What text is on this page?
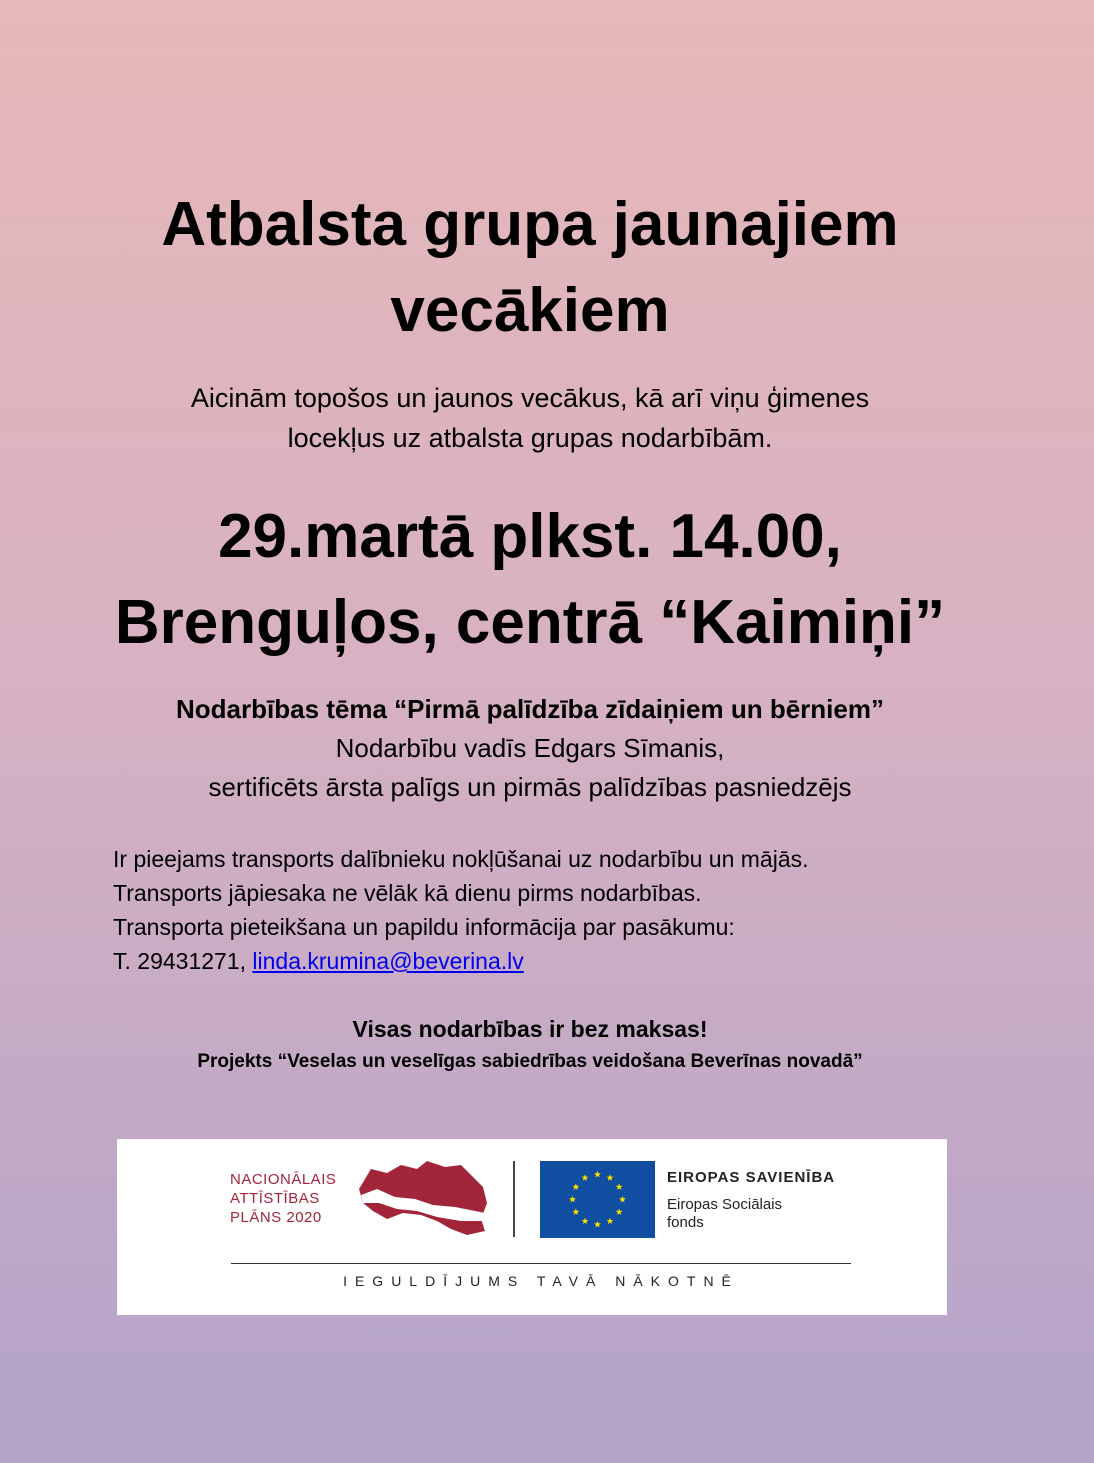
Atbalsta grupa jaunajiem
vecākiem
Aicinām topošos un jaunos vecākus, kā arī viņu ģimenes
locekļus uz atbalsta grupas nodarbībām.
29.martā plkst. 14.00,
Brenguļos, centrā “Kaimiņi”
Nodarbības tēma “Pirmā palīdzība zīdaiņiem un bērniem”
Nodarbību vadīs Edgars Sīmanis,
sertificēts ārsta palīgs un pirmās palīdzības pasniedzējs
Ir pieejams transports dalībnieku nokļūšanai uz nodarbību un mājās.
Transports jāpiesaka ne vēlāk kā dienu pirms nodarbības.
Transporta pieteikšana un papildu informācija par pasākumu:
T. 29431271, linda.krumina@beverina.lv
Visas nodarbības ir bez maksas!
Projekts “Veselas un veselīgas sabiedrības veidošana Beverīnas novadā”
NACIONĀLAIS
ATTĪSTĪBAS
PLĀNS 2020
EIROPAS SAVIENĪBA
Eiropas Sociālais
fonds
IEGULDĪJUMS TAVĀ NĀKOTNĒ
